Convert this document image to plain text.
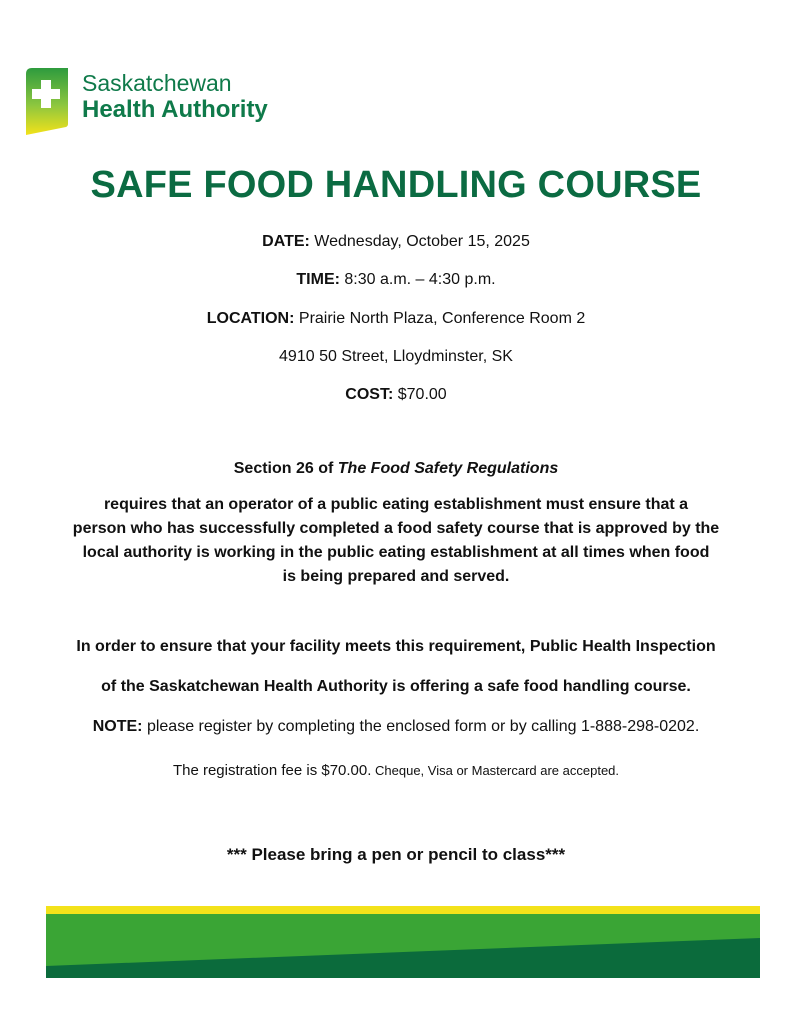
Saskatchewan
Health Authority
SAFE FOOD HANDLING COURSE
DATE: Wednesday, October 15, 2025
TIME: 8:30 a.m. – 4:30 p.m.
LOCATION: Prairie North Plaza, Conference Room 2
4910 50 Street, Lloydminster, SK
COST: $70.00
Section 26 of The Food Safety Regulations
requires that an operator of a public eating establishment must ensure that a
person who has successfully completed a food safety course that is approved by the
local authority is working in the public eating establishment at all times when food
is being prepared and served.
In order to ensure that your facility meets this requirement, Public Health Inspection
of the Saskatchewan Health Authority is offering a safe food handling course.
NOTE: please register by completing the enclosed form or by calling 1-888-298-0202.
The registration fee is $70.00. Cheque, Visa or Mastercard are accepted.
*** Please bring a pen or pencil to class***
